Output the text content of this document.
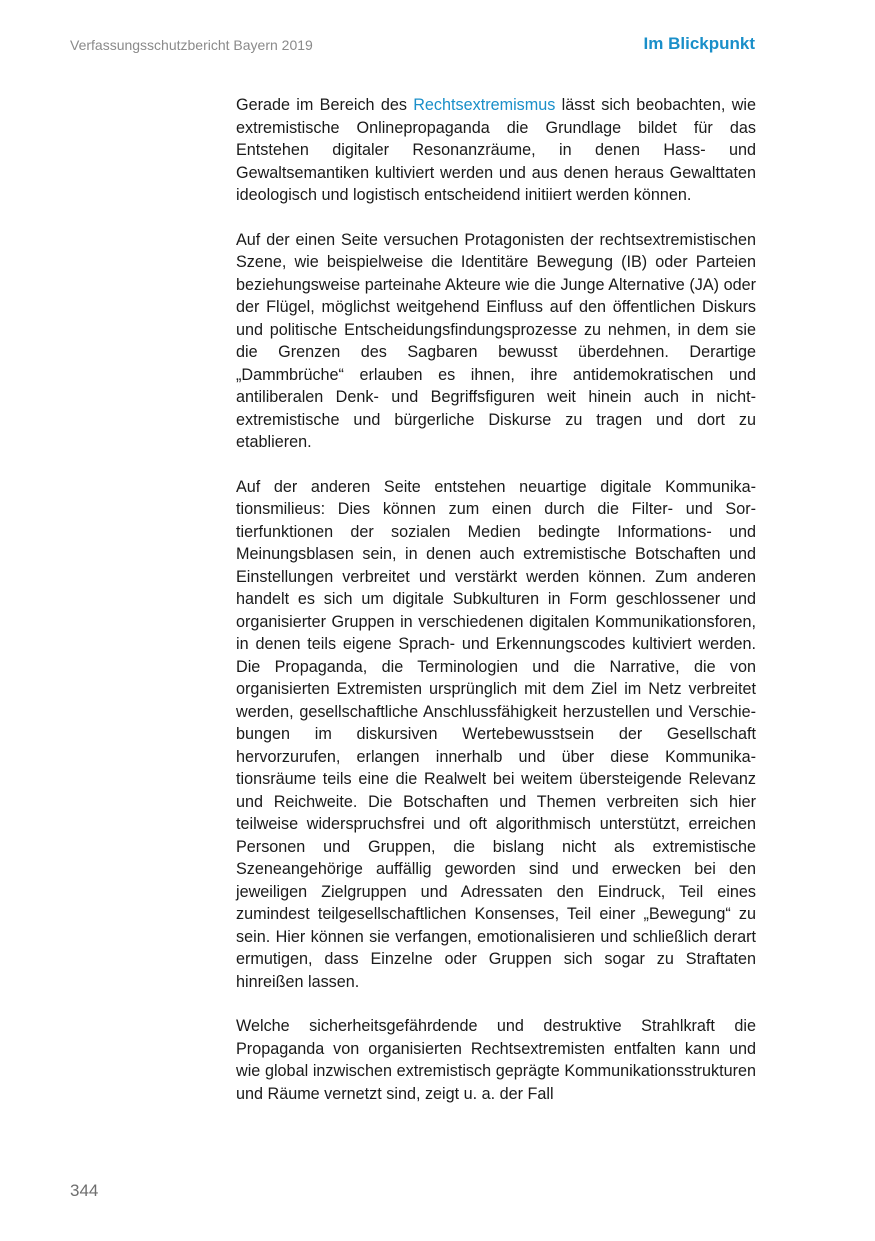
Verfassungsschutzbericht Bayern 2019	Im Blickpunkt

Gerade im Bereich des Rechtsextremismus lässt sich beobachten, wie extremistische Onlinepropaganda die Grundlage bildet für das Entstehen digitaler Resonanzräume, in denen Hass- und Gewaltsemantiken kultiviert werden und aus denen heraus Gewalttaten ideologisch und logistisch entscheidend initiiert werden können.

Auf der einen Seite versuchen Protagonisten der rechtsextremistischen Szene, wie beispielweise die Identitäre Bewegung (IB) oder Parteien beziehungsweise parteinahe Akteure wie die Junge Alternative (JA) oder der Flügel, möglichst weitgehend Einfluss auf den öffentlichen Diskurs und politische Entscheidungsfindungsprozesse zu nehmen, in dem sie die Grenzen des Sagbaren bewusst überdehnen. Derartige „Dammbrüche“ erlauben es ihnen, ihre antidemokratischen und antiliberalen Denk- und Begriffsfiguren weit hinein auch in nicht-extremistische und bürgerliche Diskurse zu tragen und dort zu etablieren.

Auf der anderen Seite entstehen neuartige digitale Kommunikationsmilieus: Dies können zum einen durch die Filter- und Sortierfunktionen der sozialen Medien bedingte Informations- und Meinungsblasen sein, in denen auch extremistische Botschaften und Einstellungen verbreitet und verstärkt werden können. Zum anderen handelt es sich um digitale Subkulturen in Form geschlossener und organisierter Gruppen in verschiedenen digitalen Kommunikationsforen, in denen teils eigene Sprach- und Erkennungscodes kultiviert werden. Die Propaganda, die Terminologien und die Narrative, die von organisierten Extremisten ursprünglich mit dem Ziel im Netz verbreitet werden, gesellschaftliche Anschlussfähigkeit herzustellen und Verschiebungen im diskursiven Wertebewusstsein der Gesellschaft hervorzurufen, erlangen innerhalb und über diese Kommunikationsräume teils eine die Realwelt bei weitem übersteigende Relevanz und Reichweite. Die Botschaften und Themen verbreiten sich hier teilweise widerspruchsfrei und oft algorithmisch unterstützt, erreichen Personen und Gruppen, die bislang nicht als extremistische Szeneangehörige auffällig geworden sind und erwecken bei den jeweiligen Zielgruppen und Adressaten den Eindruck, Teil eines zumindest teilgesellschaftlichen Konsenses, Teil einer „Bewegung“ zu sein. Hier können sie verfangen, emotionalisieren und schließlich derart ermutigen, dass Einzelne oder Gruppen sich sogar zu Straftaten hinreißen lassen.

Welche sicherheitsgefährdende und destruktive Strahlkraft die Propaganda von organisierten Rechtsextremisten entfalten kann und wie global inzwischen extremistisch geprägte Kommunikationsstrukturen und Räume vernetzt sind, zeigt u. a. der Fall

344
